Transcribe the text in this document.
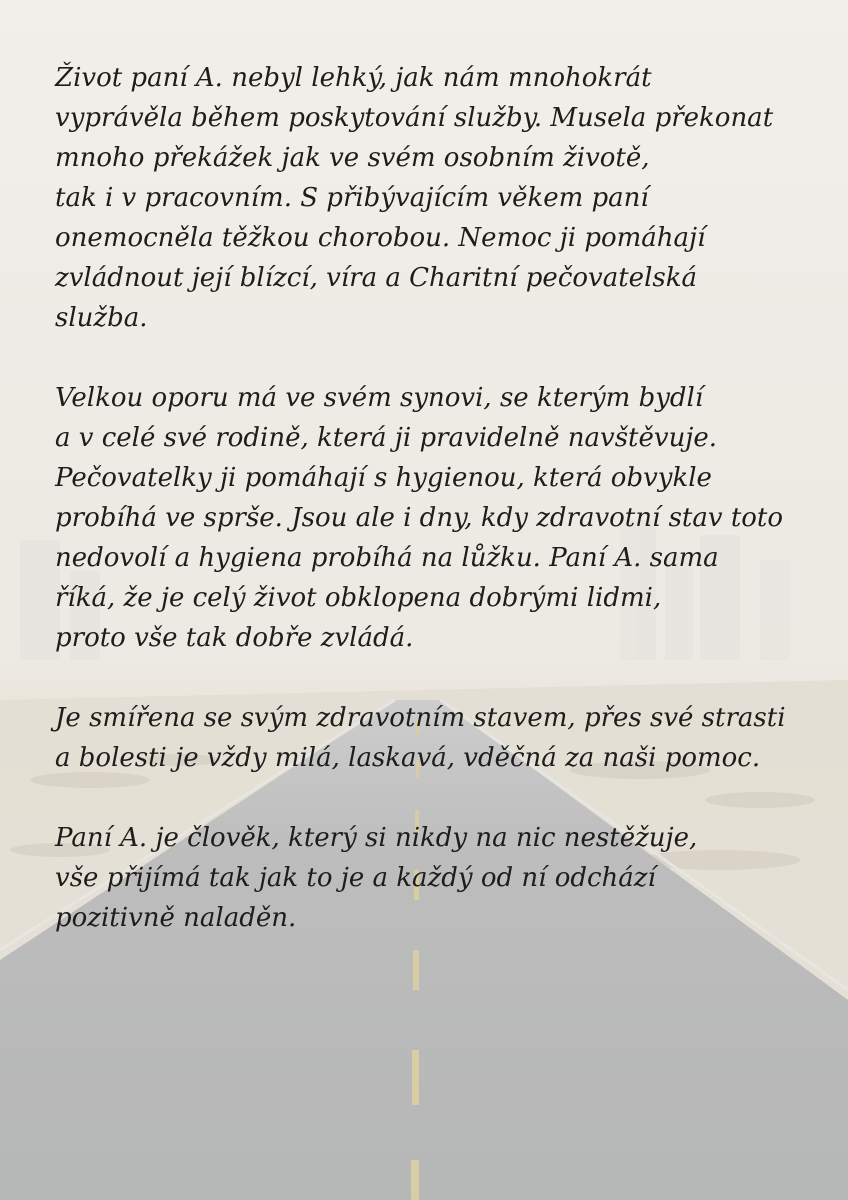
Život paní A. nebyl lehký, jak nám mnohokrát
vyprávěla během poskytování služby. Musela překonat
mnoho překážek jak ve svém osobním životě,
tak i v pracovním. S přibývajícím věkem paní
onemocněla těžkou chorobou. Nemoc ji pomáhají
zvládnout její blízcí, víra a Charitní pečovatelská
služba.

Velkou oporu má ve svém synovi, se kterým bydlí
a v celé své rodině, která ji pravidelně navštěvuje.
Pečovatelky ji pomáhají s hygienou, která obvykle
probíhá ve sprše. Jsou ale i dny, kdy zdravotní stav toto
nedovolí a hygiena probíhá na lůžku. Paní A. sama
říká, že je celý život obklopena dobrými lidmi,
proto vše tak dobře zvládá.

Je smířena se svým zdravotním stavem, přes své strasti
a bolesti je vždy milá, laskavá, vděčná za naši pomoc.

Paní A. je člověk, který si nikdy na nic nestěžuje,
vše přijímá tak jak to je a každý od ní odchází
pozitivně naladěn.
